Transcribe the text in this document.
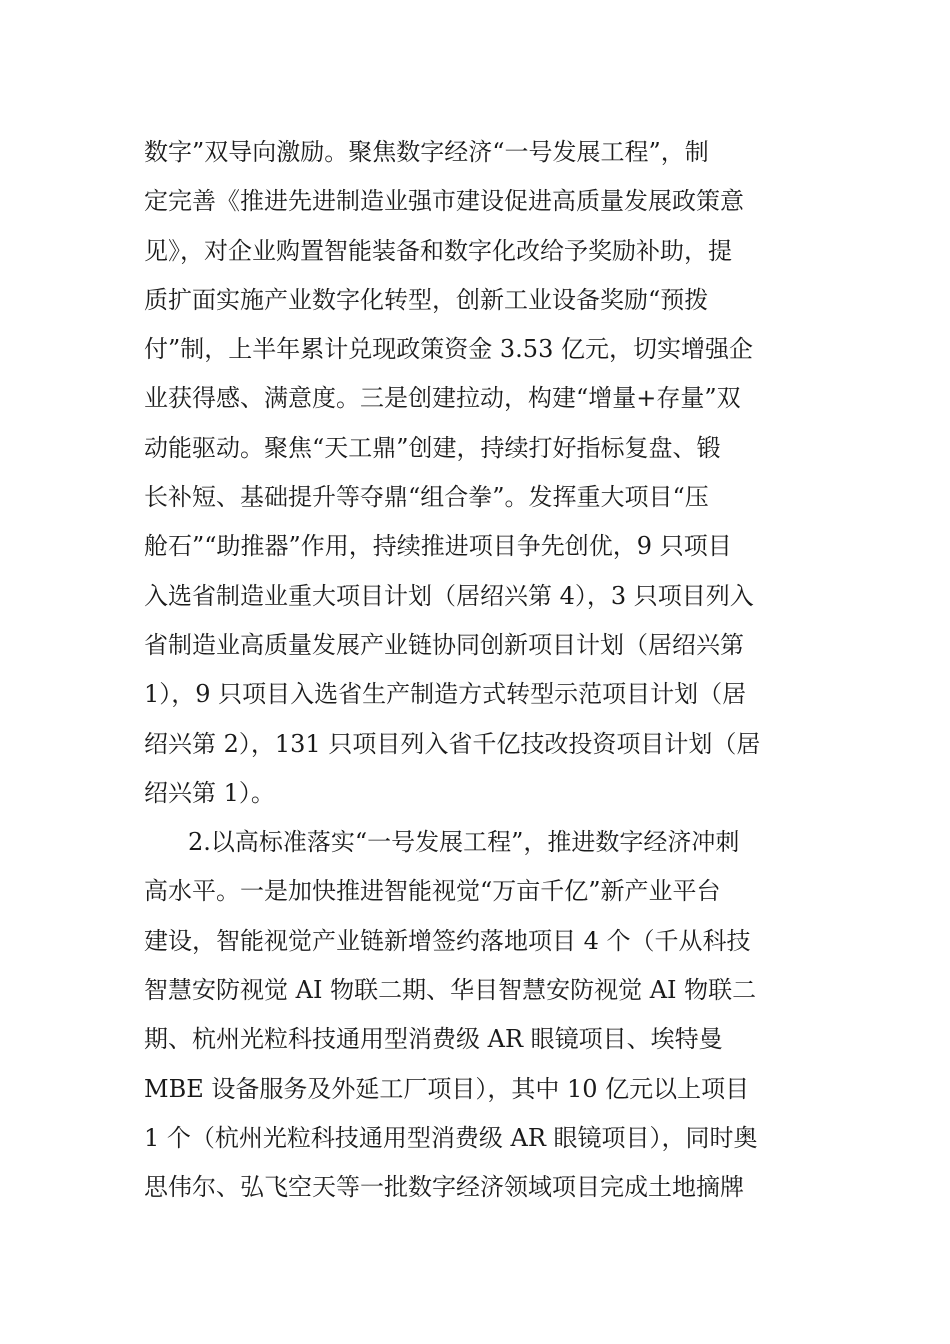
数字”双导向激励。聚焦数字经济“一号发展工程”，制
定完善《推进先进制造业强市建设促进高质量发展政策意
见》，对企业购置智能装备和数字化改给予奖励补助，提
质扩面实施产业数字化转型，创新工业设备奖励“预拨
付”制，上半年累计兑现政策资金 3.53 亿元，切实增强企
业获得感、满意度。三是创建拉动，构建“增量+存量”双
动能驱动。聚焦“天工鼎”创建，持续打好指标复盘、锻
长补短、基础提升等夺鼎“组合拳”。发挥重大项目“压
舱石”“助推器”作用，持续推进项目争先创优，9 只项目
入选省制造业重大项目计划（居绍兴第 4），3 只项目列入
省制造业高质量发展产业链协同创新项目计划（居绍兴第
1），9 只项目入选省生产制造方式转型示范项目计划（居
绍兴第 2），131 只项目列入省千亿技改投资项目计划（居
绍兴第 1）。
2.以高标准落实“一号发展工程”，推进数字经济冲刺
高水平。一是加快推进智能视觉“万亩千亿”新产业平台
建设，智能视觉产业链新增签约落地项目 4 个（千从科技
智慧安防视觉 AI 物联二期、华目智慧安防视觉 AI 物联二
期、杭州光粒科技通用型消费级 AR 眼镜项目、埃特曼
MBE 设备服务及外延工厂项目），其中 10 亿元以上项目
1 个（杭州光粒科技通用型消费级 AR 眼镜项目），同时奥
思伟尔、弘飞空天等一批数字经济领域项目完成土地摘牌
